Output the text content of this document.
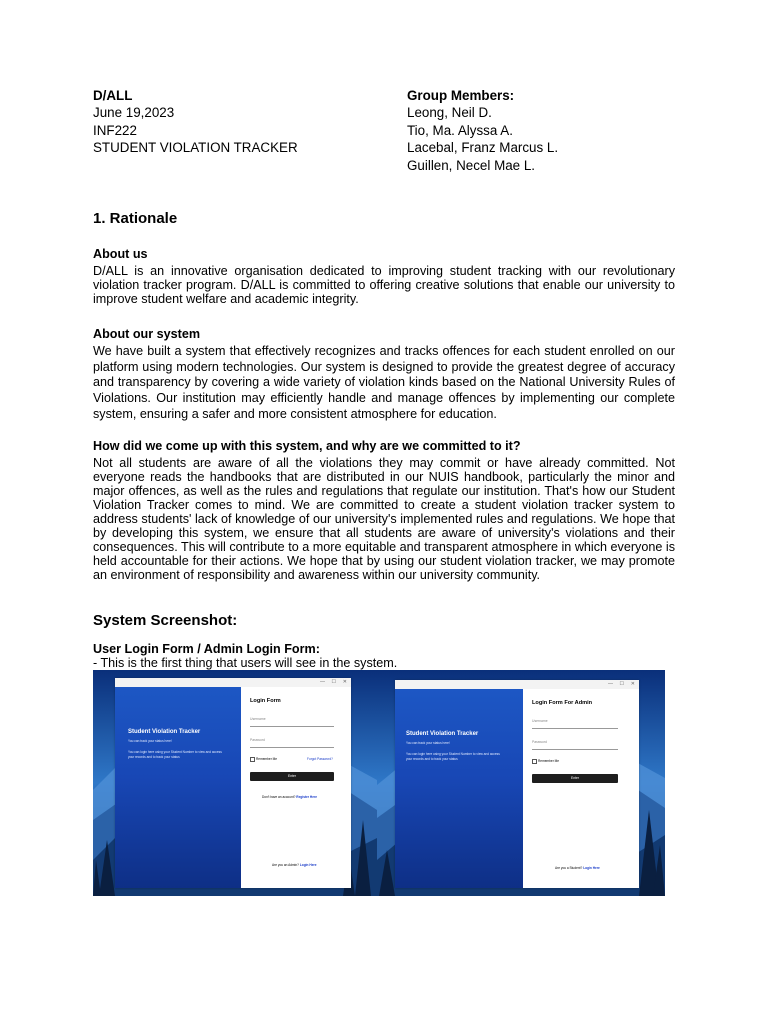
D/ALL
June 19,2023
INF222
STUDENT VIOLATION TRACKER
Group Members:
Leong, Neil D.
Tio, Ma. Alyssa A.
Lacebal, Franz Marcus L.
Guillen, Necel Mae L.
1. Rationale
About us

D/ALL is an innovative organisation dedicated to improving student tracking with our revolutionary violation tracker program. D/ALL is committed to offering creative solutions that enable our university to improve student welfare and academic integrity.

About our system

We have built a system that effectively recognizes and tracks offences for each student enrolled on our platform using modern technologies. Our system is designed to provide the greatest degree of accuracy and transparency by covering a wide variety of violation kinds based on the National University Rules of Violations. Our institution may efficiently handle and manage offences by implementing our complete system, ensuring a safer and more consistent atmosphere for education.

How did we come up with this system, and why are we committed to it?

Not all students are aware of all the violations they may commit or have already committed. Not everyone reads the handbooks that are distributed in our NUIS handbook, particularly the minor and major offences, as well as the rules and regulations that regulate our institution. That's how our Student Violation Tracker comes to mind. We are committed to create a student violation tracker system to address students' lack of knowledge of our university's implemented rules and regulations. We hope that by developing this system, we ensure that all students are aware of university's violations and their consequences. This will contribute to a more equitable and transparent atmosphere in which everyone is held accountable for their actions. We hope that by using our student violation tracker, we may promote an environment of responsibility and awareness within our university community.

System Screenshot:
User Login Form / Admin Login Form:
- This is the first thing that users will see in the system.
— ☐ ✕
Student Violation Tracker
You can track your status here!
You can login here using your Student Number to view and access your records and to track your status
Login Form
Username
Password
Remember Me	Forgot Password?
Enter
Don't have an account? Register Here
Are you an Admin? Login Here
— ☐ ✕
Student Violation Tracker
You can track your status here!
You can login here using your Student Number to view and access your records and to track your status
Login Form For Admin
Username
Password
Remember Me
Enter
Are you a Student? Login Here
